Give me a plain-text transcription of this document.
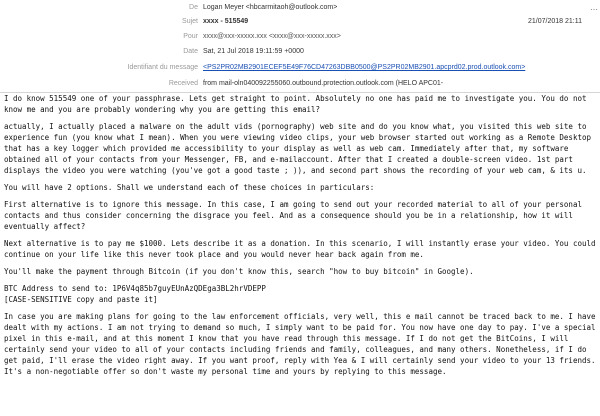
De Logan Meyer <hbcarmitaoh@outlook.com>	⋯
Sujet xxxx - 515549	21/07/2018 21:11
Pour xxxx@xxx-xxxxx.xxx <xxxx@xxx-xxxxx.xxx>
Date Sat, 21 Jul 2018 19:11:59 +0000
Identifiant du message <PS2PR02MB2901ECEF5E49F76CD47263DBB0500@PS2PR02MB2901.apcprd02.prod.outlook.com>
Received from mail-oln040092255060.outbound.protection.outlook.com (HELO APC01-

I do know 515549 one of your passphrase. Lets get straight to point. Absolutely no one has paid me to investigate you. You do not know me and you are probably wondering why you are getting this email?

actually, I actually placed a malware on the adult vids (pornography) web site and do you know what, you visited this web site to experience fun (you know what I mean). When you were viewing video clips, your web browser started out working as a Remote Desktop that has a key logger which provided me accessibility to your display as well as web cam. Immediately after that, my software obtained all of your contacts from your Messenger, FB, and e-mailaccount. After that I created a double-screen video. 1st part displays the video you were watching (you've got a good taste ; )), and second part shows the recording of your web cam, & its u.

You will have 2 options. Shall we understand each of these choices in particulars:

First alternative is to ignore this message. In this case, I am going to send out your recorded material to all of your personal contacts and thus consider concerning the disgrace you feel. And as a consequence should you be in a relationship, how it will eventually affect?

Next alternative is to pay me $1000. Lets describe it as a donation. In this scenario, I will instantly erase your video. You could continue on your life like this never took place and you would never hear back again from me.

You'll make the payment through Bitcoin (if you don't know this, search "how to buy bitcoin" in Google).

BTC Address to send to: 1P6V4q85b7guyEUnAzQDEga3BL2hrVDEPP
[CASE-SENSITIVE copy and paste it]

In case you are making plans for going to the law enforcement officials, very well, this e mail cannot be traced back to me. I have dealt with my actions. I am not trying to demand so much, I simply want to be paid for. You now have one day to pay. I've a special pixel in this e-mail, and at this moment I know that you have read through this message. If I do not get the BitCoins, I will certainly send your video to all of your contacts including friends and family, colleagues, and many others. Nonetheless, if I do get paid, I'll erase the video right away. If you want proof, reply with Yea & I will certainly send your video to your 13 friends. It's a non-negotiable offer so don't waste my personal time and yours by replying to this message.
